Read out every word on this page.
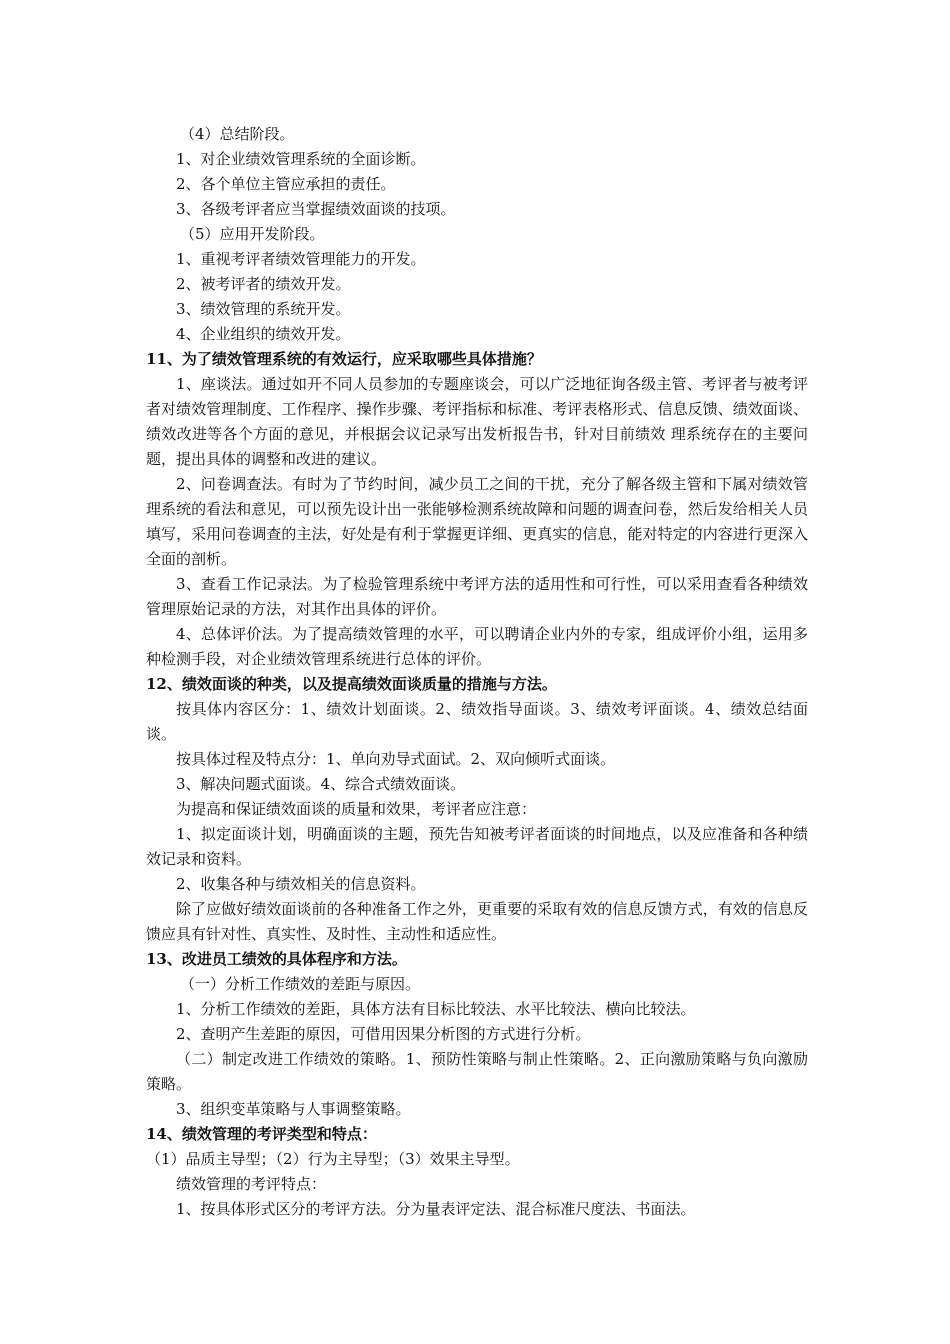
（4）总结阶段。

1、对企业绩效管理系统的全面诊断。

2、各个单位主管应承担的责任。

3、各级考评者应当掌握绩效面谈的技项。

（5）应用开发阶段。

1、重视考评者绩效管理能力的开发。

2、被考评者的绩效开发。

3、绩效管理的系统开发。

4、企业组织的绩效开发。

11、为了绩效管理系统的有效运行，应采取哪些具体措施？

1、座谈法。通过如开不同人员参加的专题座谈会，可以广泛地征询各级主管、考评者与被考评者对绩效管理制度、工作程序、操作步骤、考评指标和标准、考评表格形式、信息反馈、绩效面谈、绩效改进等各个方面的意见，并根据会议记录写出发析报告书，针对目前绩效 理系统存在的主要问题，提出具体的调整和改进的建议。

2、问卷调查法。有时为了节约时间，减少员工之间的干扰，充分了解各级主管和下属对绩效管理系统的看法和意见，可以预先设计出一张能够检测系统故障和问题的调查问卷，然后发给相关人员填写，采用问卷调查的主法，好处是有利于掌握更详细、更真实的信息，能对特定的内容进行更深入全面的剖析。

3、查看工作记录法。为了检验管理系统中考评方法的适用性和可行性，可以采用查看各种绩效管理原始记录的方法，对其作出具体的评价。

4、总体评价法。为了提高绩效管理的水平，可以聘请企业内外的专家，组成评价小组，运用多种检测手段，对企业绩效管理系统进行总体的评价。

12、绩效面谈的种类，以及提高绩效面谈质量的措施与方法。

按具体内容区分：1、绩效计划面谈。2、绩效指导面谈。3、绩效考评面谈。4、绩效总结面谈。

按具体过程及特点分：1、单向劝导式面试。2、双向倾听式面谈。

3、解决问题式面谈。4、综合式绩效面谈。

为提高和保证绩效面谈的质量和效果，考评者应注意：

1、拟定面谈计划，明确面谈的主题，预先告知被考评者面谈的时间地点，以及应准备和各种绩效记录和资料。

2、收集各种与绩效相关的信息资料。

除了应做好绩效面谈前的各种准备工作之外，更重要的采取有效的信息反馈方式，有效的信息反馈应具有针对性、真实性、及时性、主动性和适应性。

13、改进员工绩效的具体程序和方法。

（一）分析工作绩效的差距与原因。

1、分析工作绩效的差距，具体方法有目标比较法、水平比较法、横向比较法。

2、查明产生差距的原因，可借用因果分析图的方式进行分析。

（二）制定改进工作绩效的策略。1、预防性策略与制止性策略。2、正向激励策略与负向激励策略。

3、组织变革策略与人事调整策略。

14、绩效管理的考评类型和特点：

（1）品质主导型；（2）行为主导型；（3）效果主导型。

绩效管理的考评特点：

1、按具体形式区分的考评方法。分为量表评定法、混合标准尺度法、书面法。
